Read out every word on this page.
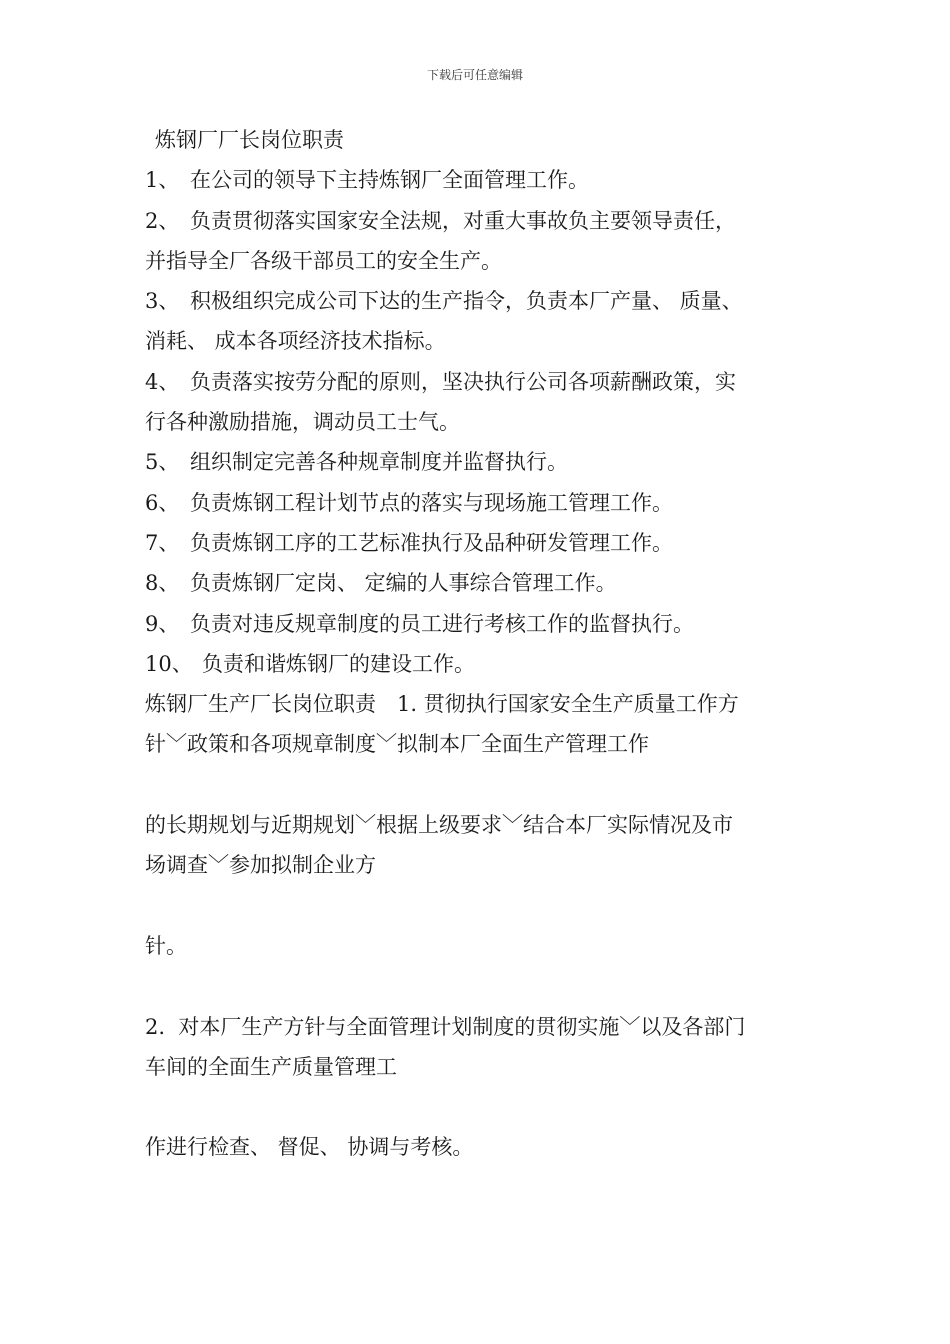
下载后可任意编辑
炼钢厂厂长岗位职责
1、 在公司的领导下主持炼钢厂全面管理工作。
2、 负责贯彻落实国家安全法规，对重大事故负主要领导责任，
并指导全厂各级干部员工的安全生产。
3、 积极组织完成公司下达的生产指令，负责本厂产量、 质量、
消耗、 成本各项经济技术指标。
4、 负责落实按劳分配的原则，坚决执行公司各项薪酬政策，实
行各种激励措施，调动员工士气。
5、 组织制定完善各种规章制度并监督执行。
6、 负责炼钢工程计划节点的落实与现场施工管理工作。
7、 负责炼钢工序的工艺标准执行及品种研发管理工作。
8、 负责炼钢厂定岗、 定编的人事综合管理工作。
9、 负责对违反规章制度的员工进行考核工作的监督执行。
10、 负责和谐炼钢厂的建设工作。
炼钢厂生产厂长岗位职责　 1. 贯彻执行国家安全生产质量工作方
针﹀政策和各项规章制度﹀拟制本厂全面生产管理工作
的长期规划与近期规划﹀根据上级要求﹀结合本厂实际情况及市
场调查﹀参加拟制企业方
针。
2. 对本厂生产方针与全面管理计划制度的贯彻实施﹀以及各部门
车间的全面生产质量管理工
作进行检查、 督促、 协调与考核。
